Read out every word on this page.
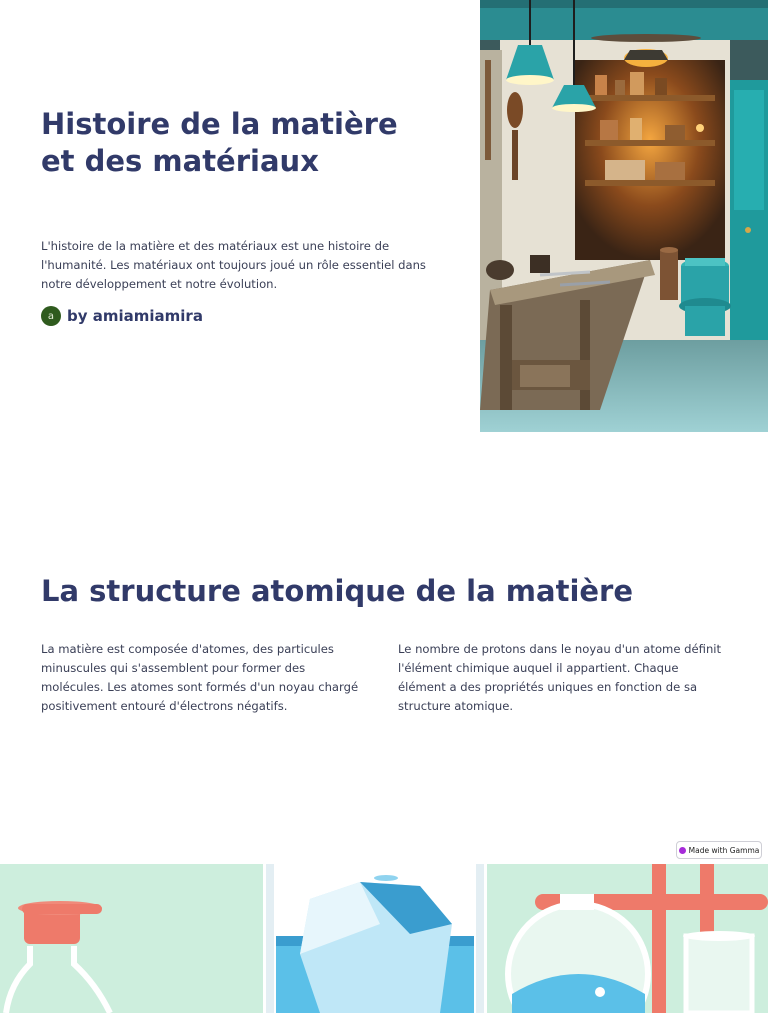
Histoire de la matière et des matériaux

L'histoire de la matière et des matériaux est une histoire de l'humanité. Les matériaux ont toujours joué un rôle essentiel dans notre développement et notre évolution.

a by amiamiamira
La structure atomique de la matière

La matière est composée d'atomes, des particules minuscules qui s'assemblent pour former des molécules. Les atomes sont formés d'un noyau chargé positivement entouré d'électrons négatifs.

Le nombre de protons dans le noyau d'un atome définit l'élément chimique auquel il appartient. Chaque élément a des propriétés uniques en fonction de sa structure atomique.

Made with Gamma
